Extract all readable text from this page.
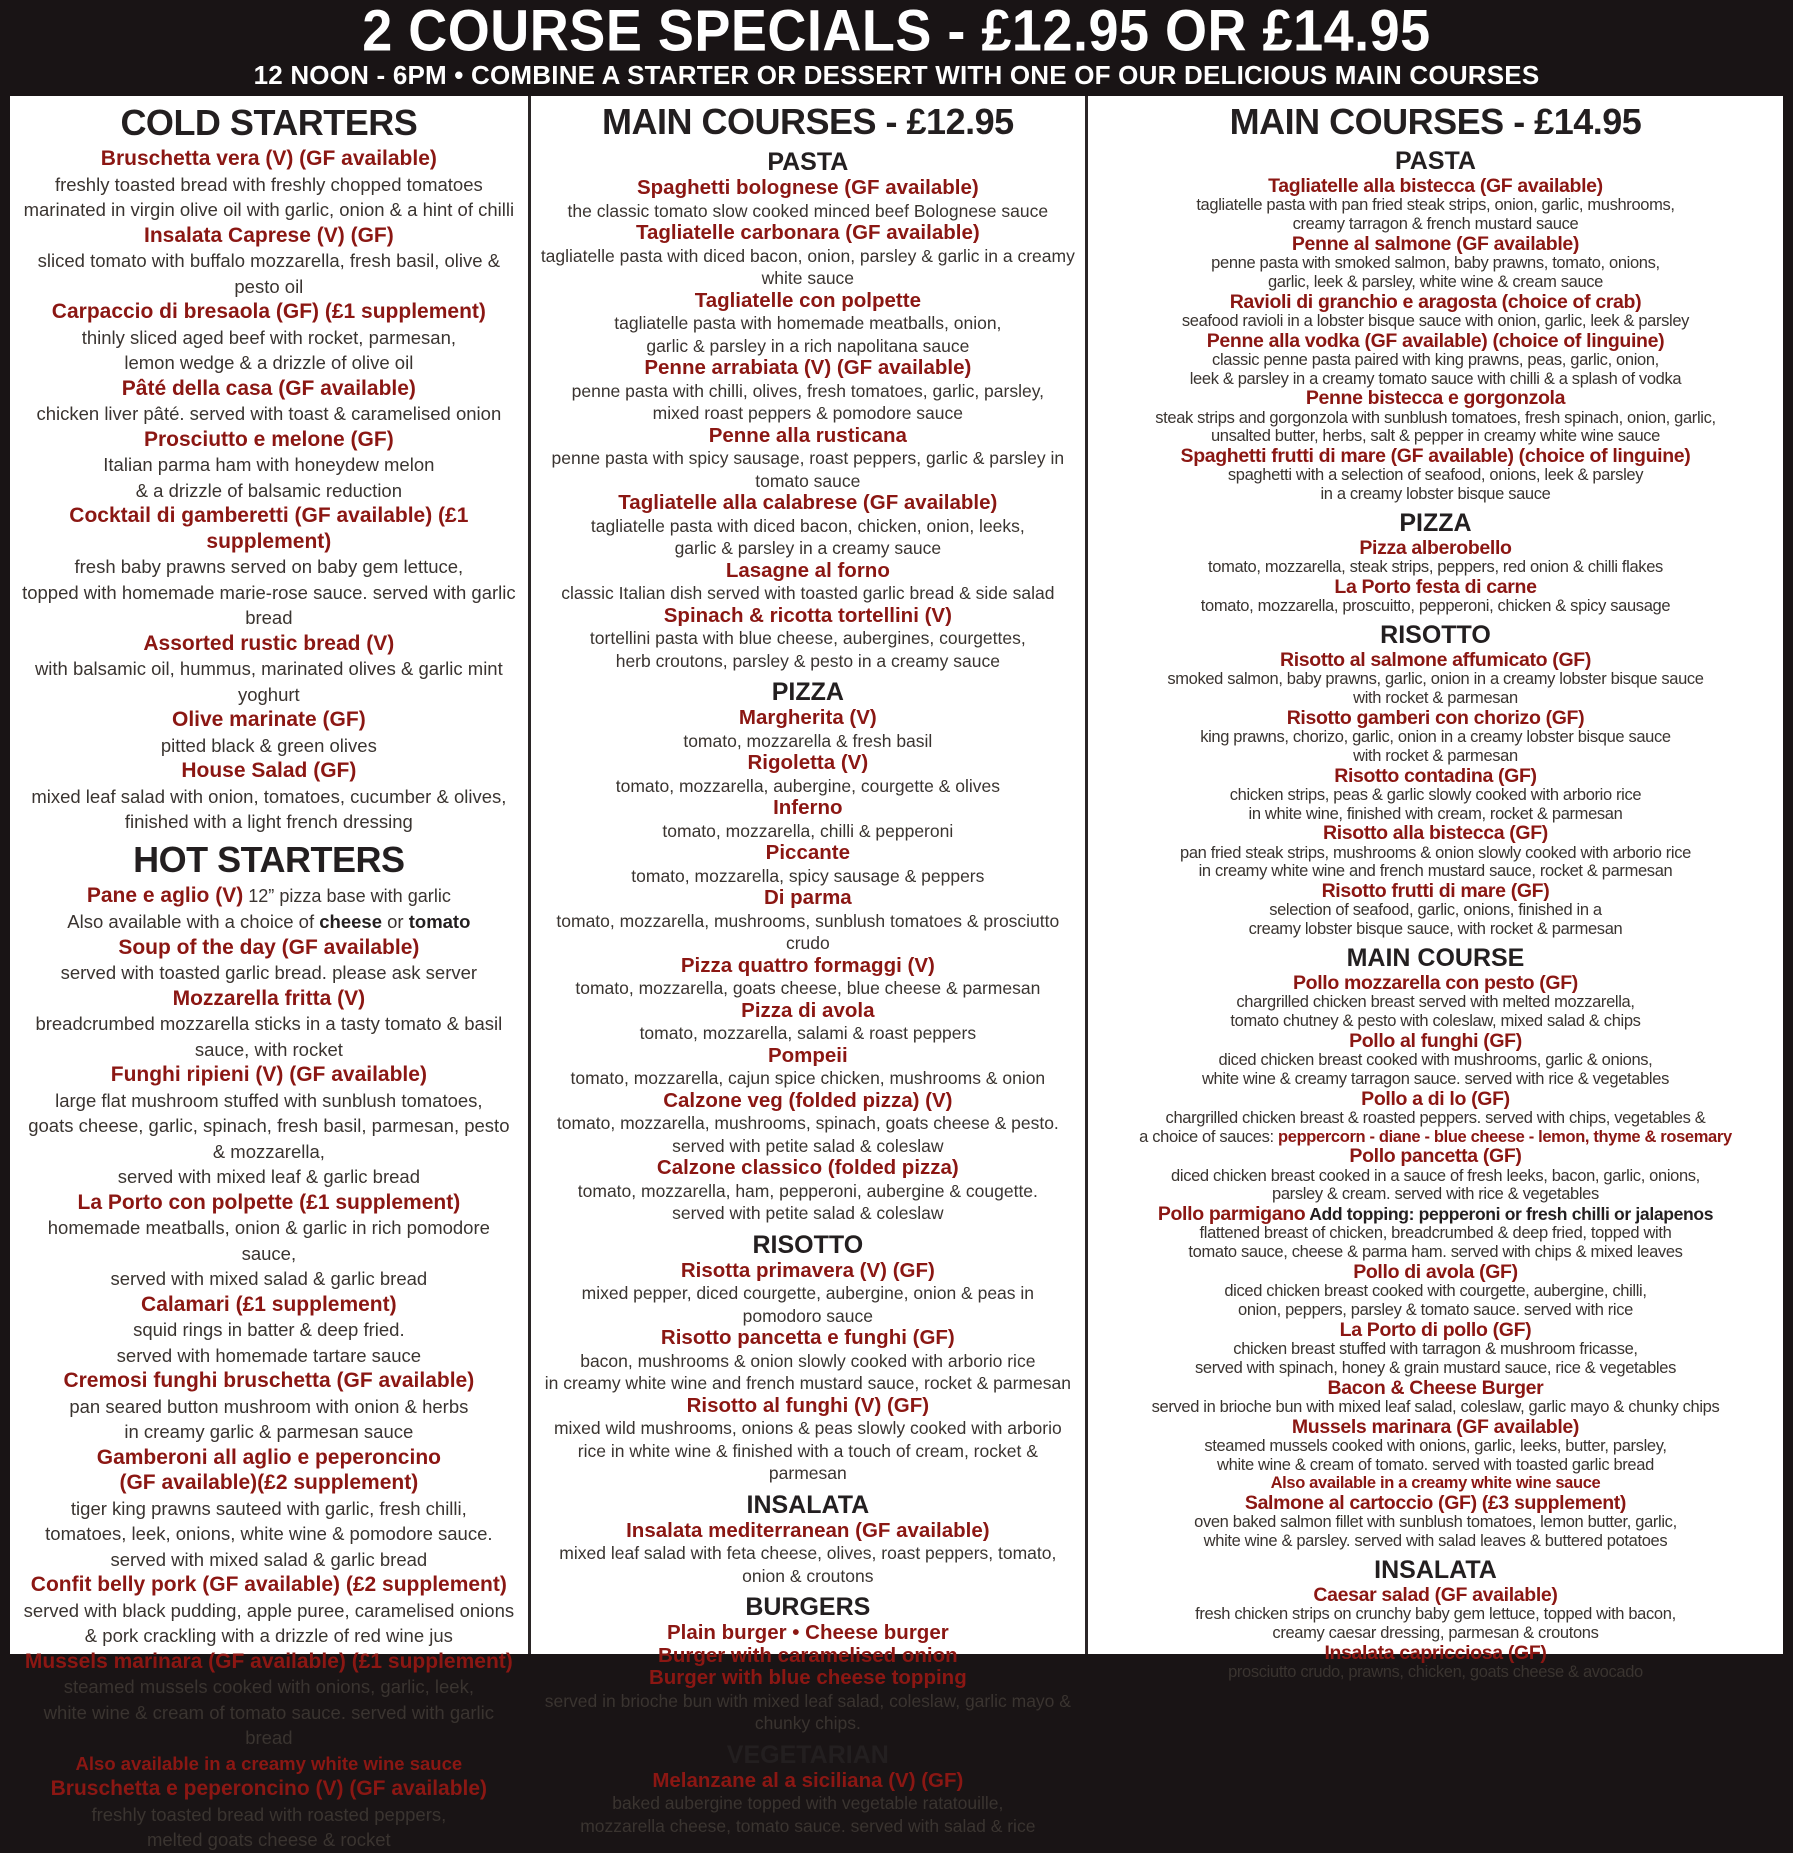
2 COURSE SPECIALS - £12.95 OR £14.95
12 NOON - 6PM • COMBINE A STARTER OR DESSERT WITH ONE OF OUR DELICIOUS MAIN COURSES
COLD STARTERS
Bruschetta vera (V) (GF available)
freshly toasted bread with freshly chopped tomatoes
marinated in virgin olive oil with garlic, onion & a hint of chilli
Insalata Caprese (V) (GF)
sliced tomato with buffalo mozzarella, fresh basil, olive & pesto oil
Carpaccio di bresaola (GF) (£1 supplement)
thinly sliced aged beef with rocket, parmesan,
lemon wedge & a drizzle of olive oil
Pâté della casa (GF available)
chicken liver pâté. served with toast & caramelised onion
Prosciutto e melone (GF)
Italian parma ham with honeydew melon
& a drizzle of balsamic reduction
Cocktail di gamberetti (GF available) (£1 supplement)
fresh baby prawns served on baby gem lettuce,
topped with homemade marie-rose sauce. served with garlic bread
Assorted rustic bread (V)
with balsamic oil, hummus, marinated olives & garlic mint yoghurt
Olive marinate (GF)
pitted black & green olives
House Salad (GF)
mixed leaf salad with onion, tomatoes, cucumber & olives,
finished with a light french dressing
HOT STARTERS
Pane e aglio (V) 12” pizza base with garlic
Also available with a choice of cheese or tomato
Soup of the day (GF available)
served with toasted garlic bread. please ask server
Mozzarella fritta (V)
breadcrumbed mozzarella sticks in a tasty tomato & basil sauce, with rocket
Funghi ripieni (V) (GF available)
large flat mushroom stuffed with sunblush tomatoes,
goats cheese, garlic, spinach, fresh basil, parmesan, pesto & mozzarella,
served with mixed leaf & garlic bread
La Porto con polpette (£1 supplement)
homemade meatballs, onion & garlic in rich pomodore sauce,
served with mixed salad & garlic bread
Calamari (£1 supplement)
squid rings in batter & deep fried.
served with homemade tartare sauce
Cremosi funghi bruschetta (GF available)
pan seared button mushroom with onion & herbs
in creamy garlic & parmesan sauce
Gamberoni all aglio e peperoncino
(GF available)(£2 supplement)
tiger king prawns sauteed with garlic, fresh chilli,
tomatoes, leek, onions, white wine & pomodore sauce.
served with mixed salad & garlic bread
Confit belly pork (GF available) (£2 supplement)
served with black pudding, apple puree, caramelised onions
& pork crackling with a drizzle of red wine jus
Mussels marinara (GF available) (£1 supplement)
steamed mussels cooked with onions, garlic, leek,
white wine & cream of tomato sauce. served with garlic bread
Also available in a creamy white wine sauce
Bruschetta e peperoncino (V) (GF available)
freshly toasted bread with roasted peppers,
melted goats cheese & rocket
MAIN COURSES - £12.95
PASTA
Spaghetti bolognese (GF available)
the classic tomato slow cooked minced beef Bolognese sauce
Tagliatelle carbonara (GF available)
tagliatelle pasta with diced bacon, onion, parsley & garlic in a creamy white sauce
Tagliatelle con polpette
tagliatelle pasta with homemade meatballs, onion,
garlic & parsley in a rich napolitana sauce
Penne arrabiata (V) (GF available)
penne pasta with chilli, olives, fresh tomatoes, garlic, parsley,
mixed roast peppers & pomodore sauce
Penne alla rusticana
penne pasta with spicy sausage, roast peppers, garlic & parsley in tomato sauce
Tagliatelle alla calabrese (GF available)
tagliatelle pasta with diced bacon, chicken, onion, leeks,
garlic & parsley in a creamy sauce
Lasagne al forno
classic Italian dish served with toasted garlic bread & side salad
Spinach & ricotta tortellini (V)
tortellini pasta with blue cheese, aubergines, courgettes,
herb croutons, parsley & pesto in a creamy sauce
PIZZA
Margherita (V)
tomato, mozzarella & fresh basil
Rigoletta (V)
tomato, mozzarella, aubergine, courgette & olives
Inferno
tomato, mozzarella, chilli & pepperoni
Piccante
tomato, mozzarella, spicy sausage & peppers
Di parma
tomato, mozzarella, mushrooms, sunblush tomatoes & prosciutto crudo
Pizza quattro formaggi (V)
tomato, mozzarella, goats cheese, blue cheese & parmesan
Pizza di avola
tomato, mozzarella, salami & roast peppers
Pompeii
tomato, mozzarella, cajun spice chicken, mushrooms & onion
Calzone veg (folded pizza) (V)
tomato, mozzarella, mushrooms, spinach, goats cheese & pesto.
served with petite salad & coleslaw
Calzone classico (folded pizza)
tomato, mozzarella, ham, pepperoni, aubergine & cougette.
served with petite salad & coleslaw
RISOTTO
Risotta primavera (V) (GF)
mixed pepper, diced courgette, aubergine, onion & peas in pomodoro sauce
Risotto pancetta e funghi (GF)
bacon, mushrooms & onion slowly cooked with arborio rice
in creamy white wine and french mustard sauce, rocket & parmesan
Risotto al funghi (V) (GF)
mixed wild mushrooms, onions & peas slowly cooked with arborio
rice in white wine & finished with a touch of cream, rocket & parmesan
INSALATA
Insalata mediterranean (GF available)
mixed leaf salad with feta cheese, olives, roast peppers, tomato, onion & croutons
BURGERS
Plain burger • Cheese burger
Burger with caramelised onion
Burger with blue cheese topping
served in brioche bun with mixed leaf salad, coleslaw, garlic mayo & chunky chips.
VEGETARIAN
Melanzane al a siciliana (V) (GF)
baked aubergine topped with vegetable ratatouille,
mozzarella cheese, tomato sauce. served with salad & rice
MAIN COURSES - £14.95
PASTA
Tagliatelle alla bistecca (GF available)
tagliatelle pasta with pan fried steak strips, onion, garlic, mushrooms,
creamy tarragon & french mustard sauce
Penne al salmone (GF available)
penne pasta with smoked salmon, baby prawns, tomato, onions,
garlic, leek & parsley, white wine & cream sauce
Ravioli di granchio e aragosta (choice of crab)
seafood ravioli in a lobster bisque sauce with onion, garlic, leek & parsley
Penne alla vodka (GF available) (choice of linguine)
classic penne pasta paired with king prawns, peas, garlic, onion,
leek & parsley in a creamy tomato sauce with chilli & a splash of vodka
Penne bistecca e gorgonzola
steak strips and gorgonzola with sunblush tomatoes, fresh spinach, onion, garlic,
unsalted butter, herbs, salt & pepper in creamy white wine sauce
Spaghetti frutti di mare (GF available) (choice of linguine)
spaghetti with a selection of seafood, onions, leek & parsley
in a creamy lobster bisque sauce
PIZZA
Pizza alberobello
tomato, mozzarella, steak strips, peppers, red onion & chilli flakes
La Porto festa di carne
tomato, mozzarella, proscuitto, pepperoni, chicken & spicy sausage
RISOTTO
Risotto al salmone affumicato (GF)
smoked salmon, baby prawns, garlic, onion in a creamy lobster bisque sauce
with rocket & parmesan
Risotto gamberi con chorizo (GF)
king prawns, chorizo, garlic, onion in a creamy lobster bisque sauce
with rocket & parmesan
Risotto contadina (GF)
chicken strips, peas & garlic slowly cooked with arborio rice
in white wine, finished with cream, rocket & parmesan
Risotto alla bistecca (GF)
pan fried steak strips, mushrooms & onion slowly cooked with arborio rice
in creamy white wine and french mustard sauce, rocket & parmesan
Risotto frutti di mare (GF)
selection of seafood, garlic, onions, finished in a
creamy lobster bisque sauce, with rocket & parmesan
MAIN COURSE
Pollo mozzarella con pesto (GF)
chargrilled chicken breast served with melted mozzarella,
tomato chutney & pesto with coleslaw, mixed salad & chips
Pollo al funghi (GF)
diced chicken breast cooked with mushrooms, garlic & onions,
white wine & creamy tarragon sauce. served with rice & vegetables
Pollo a di lo (GF)
chargrilled chicken breast & roasted peppers. served with chips, vegetables &
a choice of sauces: peppercorn - diane - blue cheese - lemon, thyme & rosemary
Pollo pancetta (GF)
diced chicken breast cooked in a sauce of fresh leeks, bacon, garlic, onions,
parsley & cream. served with rice & vegetables
Pollo parmigano Add topping: pepperoni or fresh chilli or jalapenos
flattened breast of chicken, breadcrumbed & deep fried, topped with
tomato sauce, cheese & parma ham. served with chips & mixed leaves
Pollo di avola (GF)
diced chicken breast cooked with courgette, aubergine, chilli,
onion, peppers, parsley & tomato sauce. served with rice
La Porto di pollo (GF)
chicken breast stuffed with tarragon & mushroom fricasse,
served with spinach, honey & grain mustard sauce, rice & vegetables
Bacon & Cheese Burger
served in brioche bun with mixed leaf salad, coleslaw, garlic mayo & chunky chips
Mussels marinara (GF available)
steamed mussels cooked with onions, garlic, leeks, butter, parsley,
white wine & cream of tomato. served with toasted garlic bread
Also available in a creamy white wine sauce
Salmone al cartoccio (GF) (£3 supplement)
oven baked salmon fillet with sunblush tomatoes, lemon butter, garlic,
white wine & parsley. served with salad leaves & buttered potatoes
INSALATA
Caesar salad (GF available)
fresh chicken strips on crunchy baby gem lettuce, topped with bacon,
creamy caesar dressing, parmesan & croutons
Insalata capricciosa (GF)
prosciutto crudo, prawns, chicken, goats cheese & avocado
